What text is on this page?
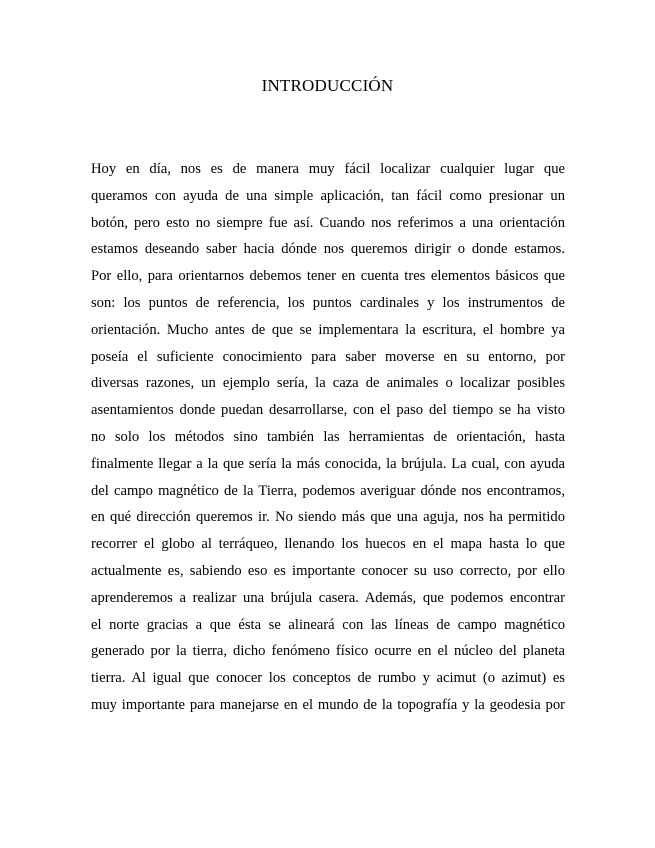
INTRODUCCIÓN
Hoy en día, nos es de manera muy fácil localizar cualquier lugar que
queramos con ayuda de una simple aplicación, tan fácil como presionar un
botón, pero esto no siempre fue así. Cuando nos referimos a una orientación
estamos deseando saber hacia dónde nos queremos dirigir o donde estamos.
Por ello, para orientarnos debemos tener en cuenta tres elementos básicos que
son: los puntos de referencia, los puntos cardinales y los instrumentos de
orientación. Mucho antes de que se implementara la escritura, el hombre ya
poseía el suficiente conocimiento para saber moverse en su entorno, por
diversas razones, un ejemplo sería, la caza de animales o localizar posibles
asentamientos donde puedan desarrollarse, con el paso del tiempo se ha visto
no solo los métodos sino también las herramientas de orientación, hasta
finalmente llegar a la que sería la más conocida, la brújula. La cual, con ayuda
del campo magnético de la Tierra, podemos averiguar dónde nos encontramos,
en qué dirección queremos ir. No siendo más que una aguja, nos ha permitido
recorrer el globo al terráqueo, llenando los huecos en el mapa hasta lo que
actualmente es, sabiendo eso es importante conocer su uso correcto, por ello
aprenderemos a realizar una brújula casera. Además, que podemos encontrar
el norte gracias a que ésta se alineará con las líneas de campo magnético
generado por la tierra, dicho fenómeno físico ocurre en el núcleo del planeta
tierra. Al igual que conocer los conceptos de rumbo y acimut (o azimut) es
muy importante para manejarse en el mundo de la topografía y la geodesia por
